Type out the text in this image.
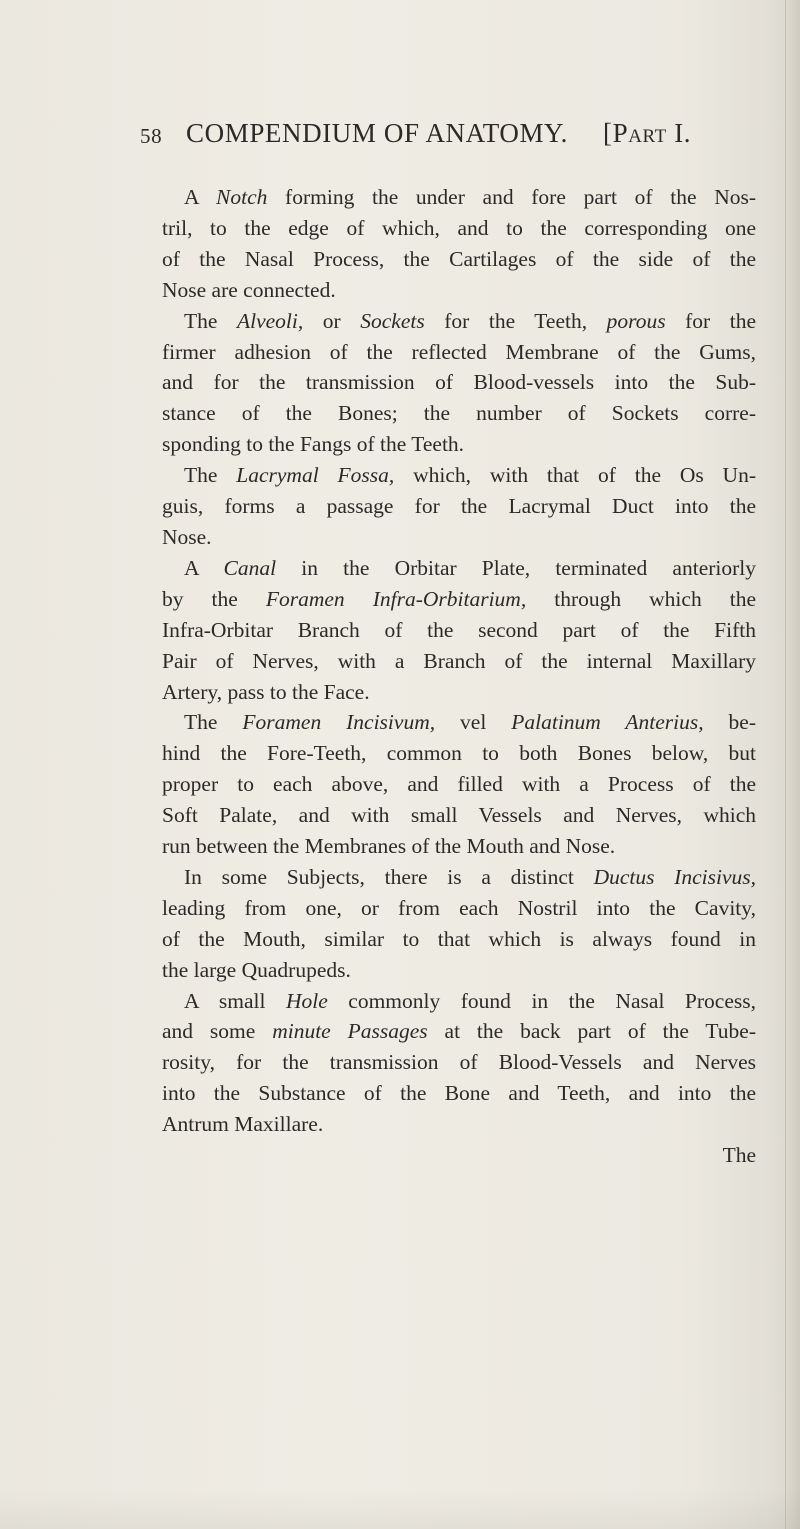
58 COMPENDIUM OF ANATOMY. [Part I.
A Notch forming the under and fore part of the Nos-
tril, to the edge of which, and to the corresponding one
of the Nasal Process, the Cartilages of the side of the
Nose are connected.
The Alveoli, or Sockets for the Teeth, porous for the
firmer adhesion of the reflected Membrane of the Gums,
and for the transmission of Blood-vessels into the Sub-
stance of the Bones; the number of Sockets corre-
sponding to the Fangs of the Teeth.
The Lacrymal Fossa, which, with that of the Os Un-
guis, forms a passage for the Lacrymal Duct into the
Nose.
A Canal in the Orbitar Plate, terminated anteriorly
by the Foramen Infra-Orbitarium, through which the
Infra-Orbitar Branch of the second part of the Fifth
Pair of Nerves, with a Branch of the internal Maxillary
Artery, pass to the Face.
The Foramen Incisivum, vel Palatinum Anterius, be-
hind the Fore-Teeth, common to both Bones below, but
proper to each above, and filled with a Process of the
Soft Palate, and with small Vessels and Nerves, which
run between the Membranes of the Mouth and Nose.
In some Subjects, there is a distinct Ductus Incisivus,
leading from one, or from each Nostril into the Cavity,
of the Mouth, similar to that which is always found in
the large Quadrupeds.
A small Hole commonly found in the Nasal Process,
and some minute Passages at the back part of the Tube-
rosity, for the transmission of Blood-Vessels and Nerves
into the Substance of the Bone and Teeth, and into the
Antrum Maxillare.
The
